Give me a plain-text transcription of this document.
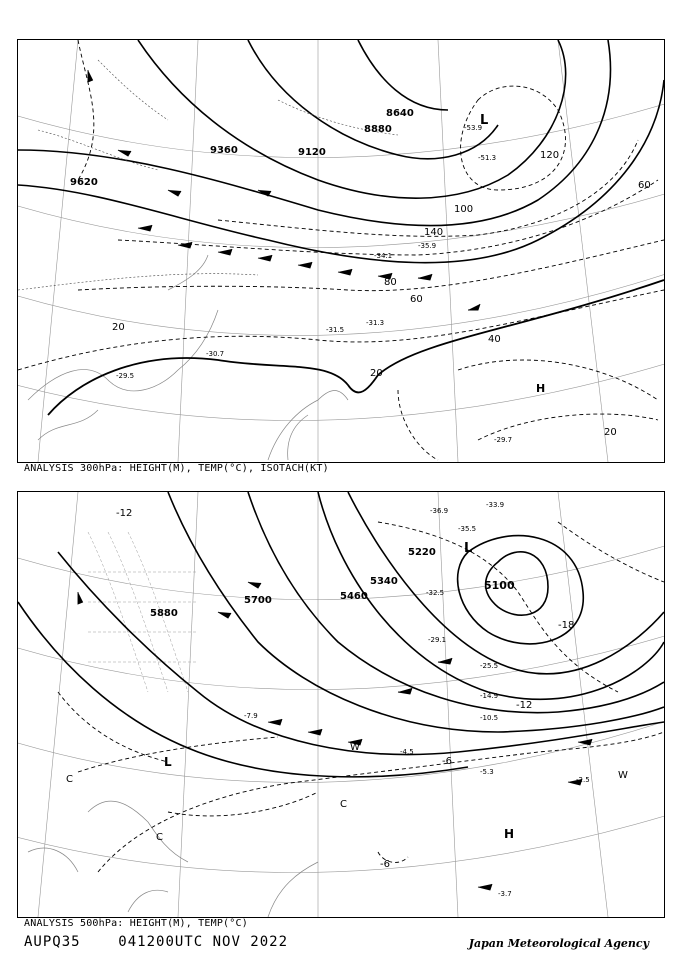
9620
9360	9120
8880
8640
20
40
60
80
100
120
140
20
20
60
-29.5
-29.7
-30.7
-31.3
-31.5
-34.1
-35.9
-51.3
-53.9
L
H
ANALYSIS 300hPa: HEIGHT(M), TEMP(°C), ISOTACH(KT)
5880
5700	5460
5340
5220
5100
-12
-18
-6
-12
-6
C
C
C
W
W
-36.9
-33.9
-35.5
-32.5
-29.1
-25.5
-14.9
-10.5
-7.9
-5.3
-4.5
-2.5
-3.7
L
L
H
ANALYSIS 500hPa: HEIGHT(M), TEMP(°C)
AUPQ35	041200UTC NOV 2022	Japan Meteorological Agency
